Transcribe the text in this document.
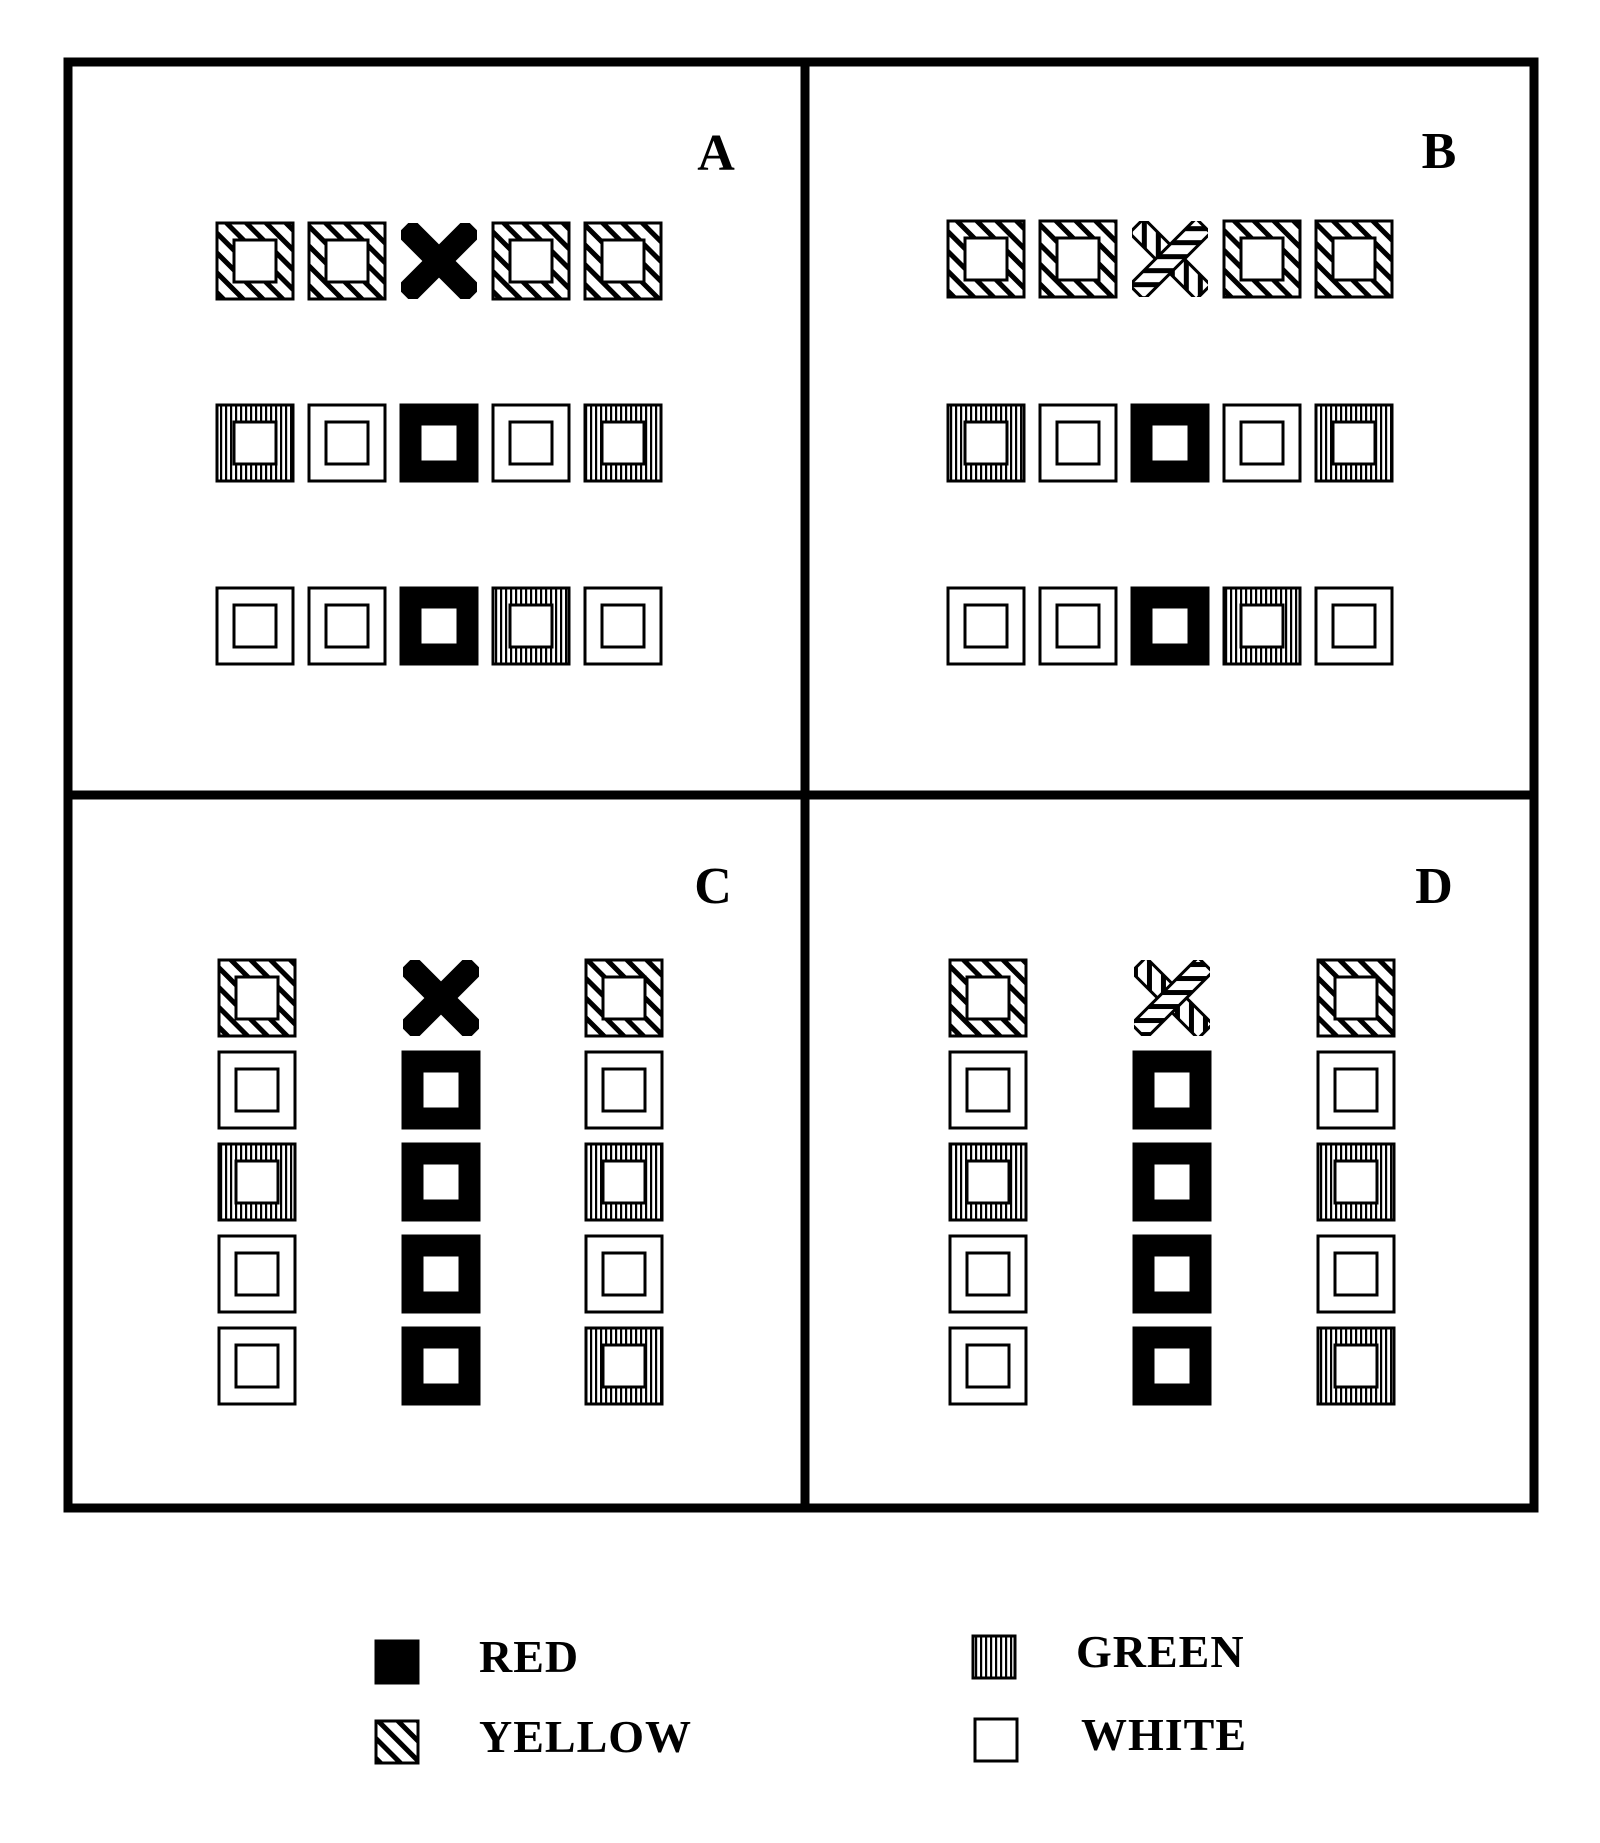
A	B
C	D
RED
YELLOW
GREEN
WHITE
